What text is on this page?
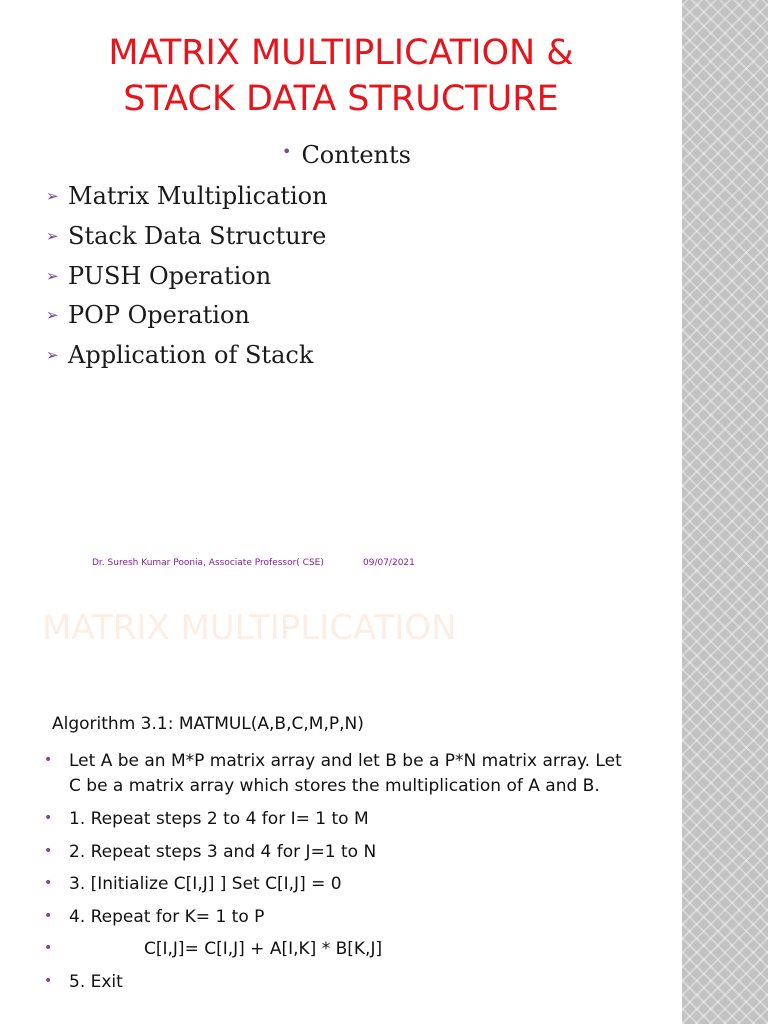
MATRIX MULTIPLICATION &
STACK DATA STRUCTURE
• Contents
➢ Matrix Multiplication
➢ Stack Data Structure
➢ PUSH Operation
➢ POP Operation
➢ Application of Stack
Dr. Suresh Kumar Poonia, Associate Professor( CSE)	09/07/2021
MATRIX MULTIPLICATION
Algorithm 3.1: MATMUL(A,B,C,M,P,N)
• Let A be an M*P matrix array and let B be a P*N matrix array. Let C be a matrix array which stores the multiplication of A and B.
• 1. Repeat steps 2 to 4 for I= 1 to M
• 2. Repeat steps 3 and 4 for J=1 to N
• 3. [Initialize C[I,J] ] Set C[I,J] = 0
• 4. Repeat for K= 1 to P
•	C[I,J]= C[I,J] + A[I,K] * B[K,J]
• 5. Exit
